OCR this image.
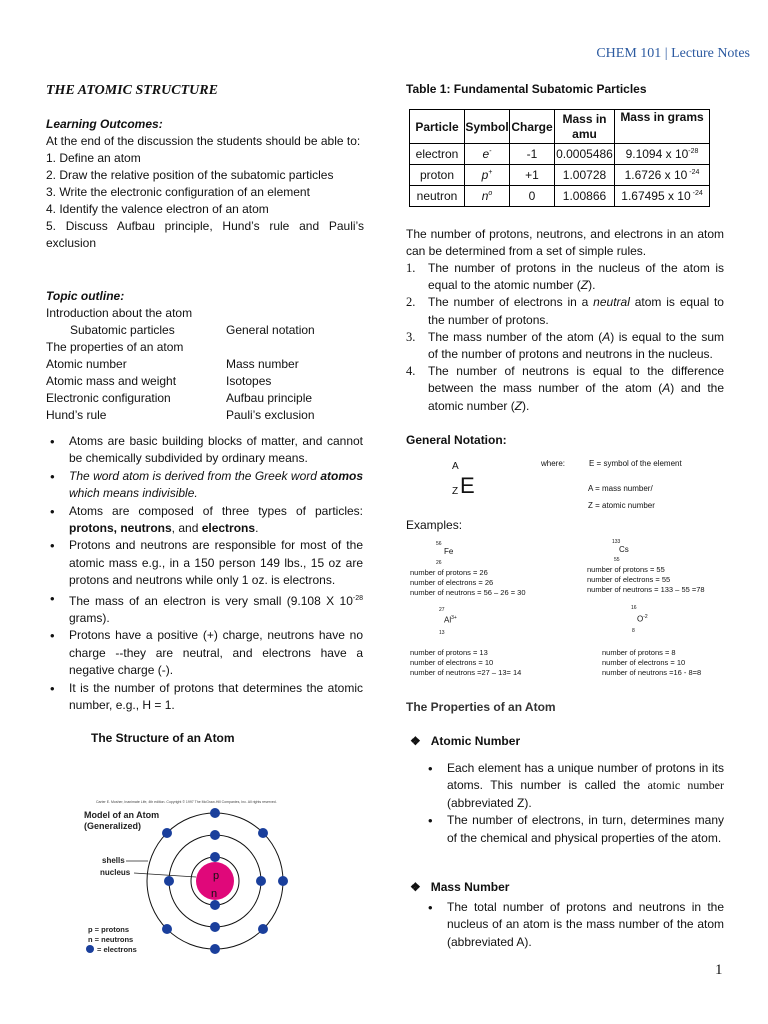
CHEM 101 | Lecture Notes
THE ATOMIC STRUCTURE
Learning Outcomes:
At the end of the discussion the students should be able to:
1. Define an atom
2. Draw the relative position of the subatomic particles
3. Write the electronic configuration of an element
4. Identify the valence electron of an atom
5. Discuss Aufbau principle, Hund’s rule and Pauli’s exclusion
Topic outline:
Introduction about the atom
Subatomic particles	General notation
The properties of an atom
Atomic number	Mass number
Atomic mass and weight	Isotopes
Electronic configuration	Aufbau principle
Hund’s rule	Pauli’s exclusion
• Atoms are basic building blocks of matter, and cannot be chemically subdivided by ordinary means.
• The word atom is derived from the Greek word atomos which means indivisible.
• Atoms are composed of three types of particles: protons, neutrons, and electrons.
• Protons and neutrons are responsible for most of the atomic mass e.g., in a 150 person 149 lbs., 15 oz are protons and neutrons while only 1 oz. is electrons.
• The mass of an electron is very small (9.108 X $10^{-28}$ grams).
• Protons have a positive (+) charge, neutrons have no charge --they are neutral, and electrons have a negative charge (-).
• It is the number of protons that determines the atomic number, e.g., H = 1.
The Structure of an Atom
Carter E. Mosher, Inanimate Life, 4th edition. Copyright © 1997 The McGraw-Hill Companies, Inc. All rights reserved.
Model of an Atom
(Generalized)
p
n
shells
nucleus
p = protons
n = neutrons
= electrons
Table 1: Fundamental Subatomic Particles
Particle	Symbol	Charge	Mass in amu	Mass in grams
electron	e-	-1	0.0005486	9.1094 x $10^{-28}$
proton	p+	+1	1.00728	1.6726 x 10 $^{-24}$
neutron	$n^o$	0	1.00866	1.67495 x 10 $^{-24}$
The number of protons, neutrons, and electrons in an atom can be determined from a set of simple rules.
1. The number of protons in the nucleus of the atom is equal to the atomic number (Z).
2. The number of electrons in a neutral atom is equal to the number of protons.
3. The mass number of the atom (A) is equal to the sum of the number of protons and neutrons in the nucleus.
4. The number of neutrons is equal to the difference between the mass number of the atom (A) and the atomic number (Z).
General Notation:
A
Z E
where:	E = symbol of the element
A = mass number/
Z = atomic number
Examples:
56
Fe
26
number of protons = 26
number of electrons = 26
number of neutrons = 56 – 26 = 30
133
Cs
55
number of protons = 55
number of electrons = 55
number of neutrons = 133 – 55 =78
27
$Al^{3+}$
13
number of protons = 13
number of electrons = 10
number of neutrons =27 – 13= 14
16
$O^{-2}$
8
number of protons = 8
number of electrons = 10
number of neutrons =16 - 8=8
The Properties of an Atom
❖ Atomic Number
• Each element has a unique number of protons in its atoms. This number is called the atomic number (abbreviated Z).
• The number of electrons, in turn, determines many of the chemical and physical properties of the atom.
❖ Mass Number
• The total number of protons and neutrons in the nucleus of an atom is the mass number of the atom (abbreviated A).
1
